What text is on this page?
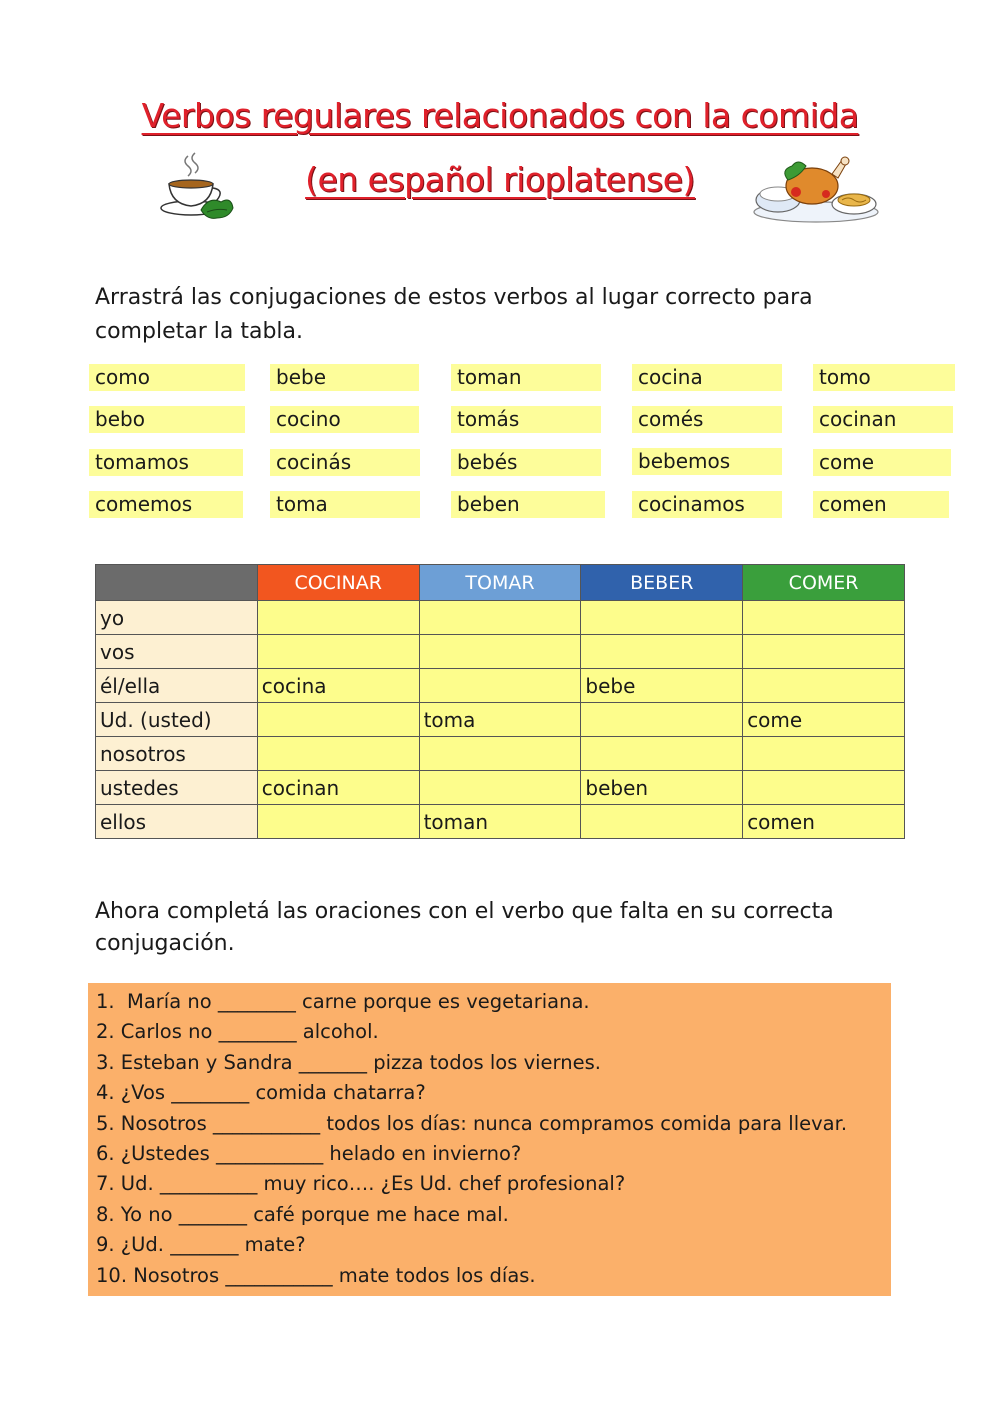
Verbos regulares relacionados con la comida
(en español rioplatense)
Arrastrá las conjugaciones de estos verbos al lugar correcto para completar la tabla.
como	bebe	toman	cocina	tomo
bebo	cocino	tomás	comés	cocinan
tomamos	cocinás	bebés	bebemos	come
comemos	toma	beben	cocinamos	comen
	COCINAR	TOMAR	BEBER	COMER
yo				
vos				
él/ella	cocina		bebe	
Ud. (usted)		toma		come
nosotros				
ustedes	cocinan		beben	
ellos		toman		comen
Ahora completá las oraciones con el verbo que falta en su correcta conjugación.
1.  María no ________ carne porque es vegetariana.
2. Carlos no ________ alcohol.
3. Esteban y Sandra _______ pizza todos los viernes.
4. ¿Vos ________ comida chatarra?
5. Nosotros ___________ todos los días: nunca compramos comida para llevar.
6. ¿Ustedes ___________ helado en invierno?
7. Ud. __________ muy rico…. ¿Es Ud. chef profesional?
8. Yo no _______ café porque me hace mal.
9. ¿Ud. _______ mate?
10. Nosotros ___________ mate todos los días.
